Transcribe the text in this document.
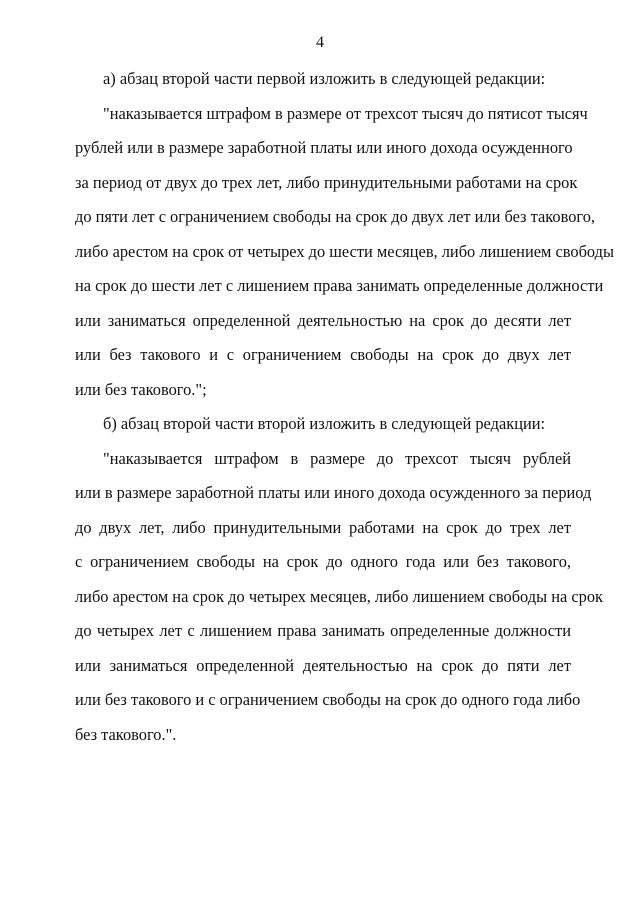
4
а) абзац второй части первой изложить в следующей редакции:
"наказывается штрафом в размере от трехсот тысяч до пятисот тысяч
рублей или в размере заработной платы или иного дохода осужденного
за период от двух до трех лет, либо принудительными работами на срок
до пяти лет с ограничением свободы на срок до двух лет или без такового,
либо арестом на срок от четырех до шести месяцев, либо лишением свободы
на срок до шести лет с лишением права занимать определенные должности
или заниматься определенной деятельностью на срок до десяти лет
или без такового и с ограничением свободы на срок до двух лет
или без такового.";
б) абзац второй части второй изложить в следующей редакции:
"наказывается штрафом в размере до трехсот тысяч рублей
или в размере заработной платы или иного дохода осужденного за период
до двух лет, либо принудительными работами на срок до трех лет
с ограничением свободы на срок до одного года или без такового,
либо арестом на срок до четырех месяцев, либо лишением свободы на срок
до четырех лет с лишением права занимать определенные должности
или заниматься определенной деятельностью на срок до пяти лет
или без такового и с ограничением свободы на срок до одного года либо
без такового.".
